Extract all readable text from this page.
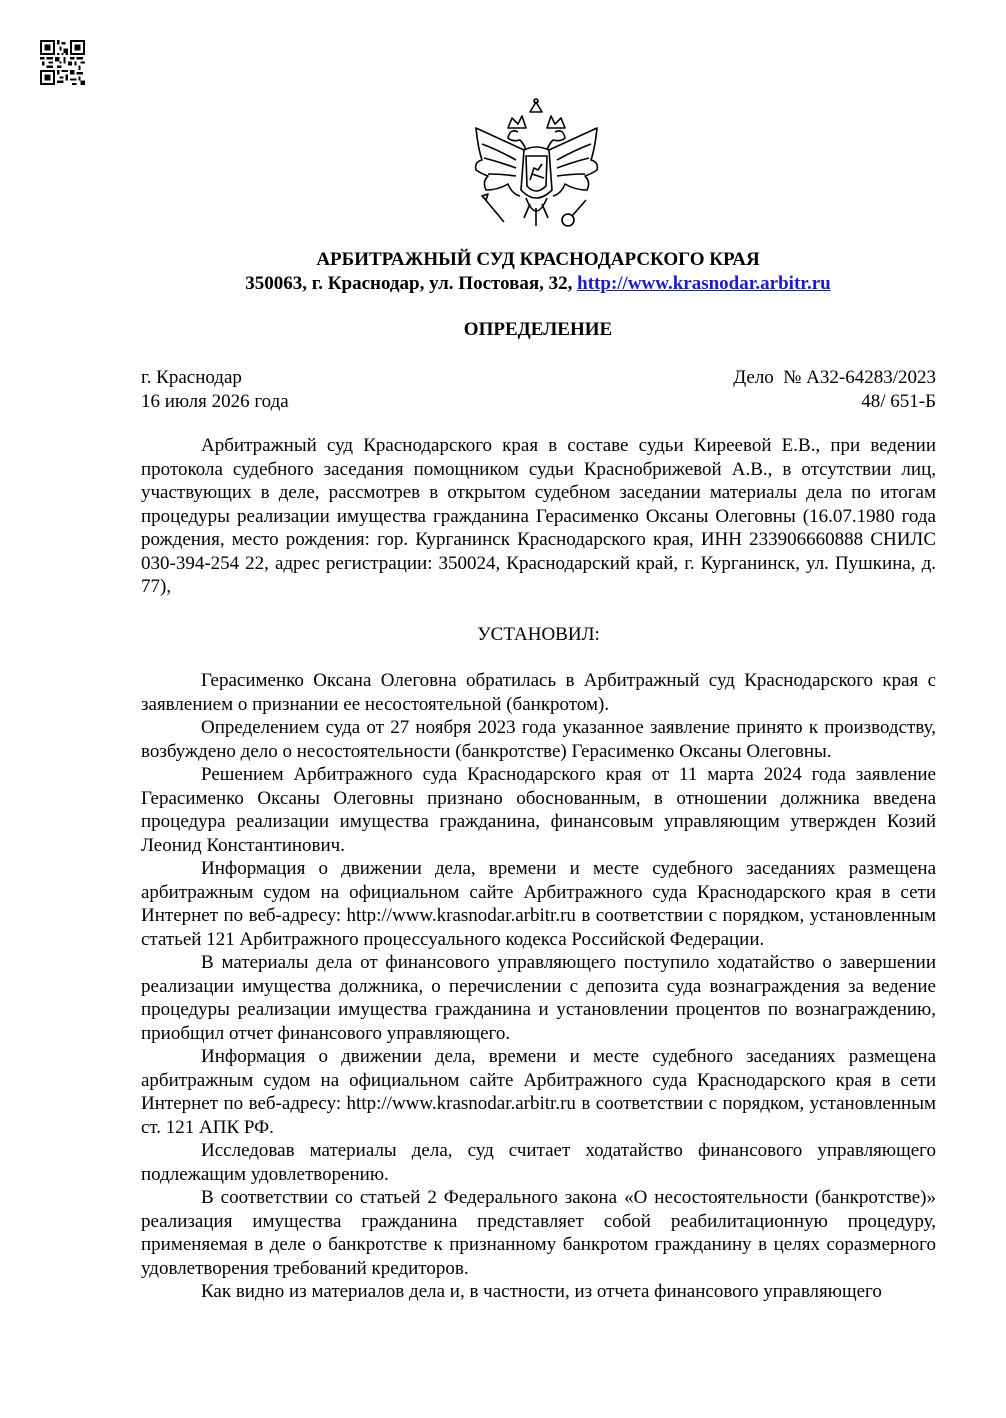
АРБИТРАЖНЫЙ СУД КРАСНОДАРСКОГО КРАЯ
350063, г. Краснодар, ул. Постовая, 32, http://www.krasnodar.arbitr.ru
ОПРЕДЕЛЕНИЕ
г. Краснодар
16 июля 2026 года
Дело  № А32-64283/2023
48/ 651-Б

Арбитражный суд Краснодарского края в составе судьи Киреевой Е.В., при ведении протокола судебного заседания помощником судьи Краснобрижевой А.В., в отсутствии лиц, участвующих в деле, рассмотрев в открытом судебном заседании материалы дела по итогам процедуры реализации имущества гражданина Герасименко Оксаны Олеговны (16.07.1980 года рождения, место рождения: гор. Курганинск Краснодарского края, ИНН 233906660888 СНИЛС 030-394-254 22, адрес регистрации: 350024, Краснодарский край, г. Курганинск, ул. Пушкина, д. 77),

УСТАНОВИЛ:

Герасименко Оксана Олеговна обратилась в Арбитражный суд Краснодарского края с заявлением о признании ее несостоятельной (банкротом).

Определением суда от 27 ноября 2023 года указанное заявление принято к производству, возбуждено дело о несостоятельности (банкротстве) Герасименко Оксаны Олеговны.

Решением Арбитражного суда Краснодарского края от 11 марта 2024 года заявление Герасименко Оксаны Олеговны признано обоснованным, в отношении должника введена процедура реализации имущества гражданина, финансовым управляющим утвержден Козий Леонид Константинович.

Информация о движении дела, времени и месте судебного заседаниях размещена арбитражным судом на официальном сайте Арбитражного суда Краснодарского края в сети Интернет по веб-адресу: http://www.krasnodar.arbitr.ru в соответствии с порядком, установленным статьей 121 Арбитражного процессуального кодекса Российской Федерации.

В материалы дела от финансового управляющего поступило ходатайство о завершении реализации имущества должника, о перечислении с депозита суда вознаграждения за ведение процедуры реализации имущества гражданина и установлении процентов по вознаграждению, приобщил отчет финансового управляющего.

Информация о движении дела, времени и месте судебного заседаниях размещена арбитражным судом на официальном сайте Арбитражного суда Краснодарского края в сети Интернет по веб-адресу: http://www.krasnodar.arbitr.ru в соответствии с порядком, установленным ст. 121 АПК РФ.

Исследовав материалы дела, суд считает ходатайство финансового управляющего подлежащим удовлетворению.

В соответствии со статьей 2 Федерального закона «О несостоятельности (банкротстве)» реализация имущества гражданина представляет собой реабилитационную процедуру, применяемая в деле о банкротстве к признанному банкротом гражданину в целях соразмерного удовлетворения требований кредиторов.

Как видно из материалов дела и, в частности, из отчета финансового управляющего
